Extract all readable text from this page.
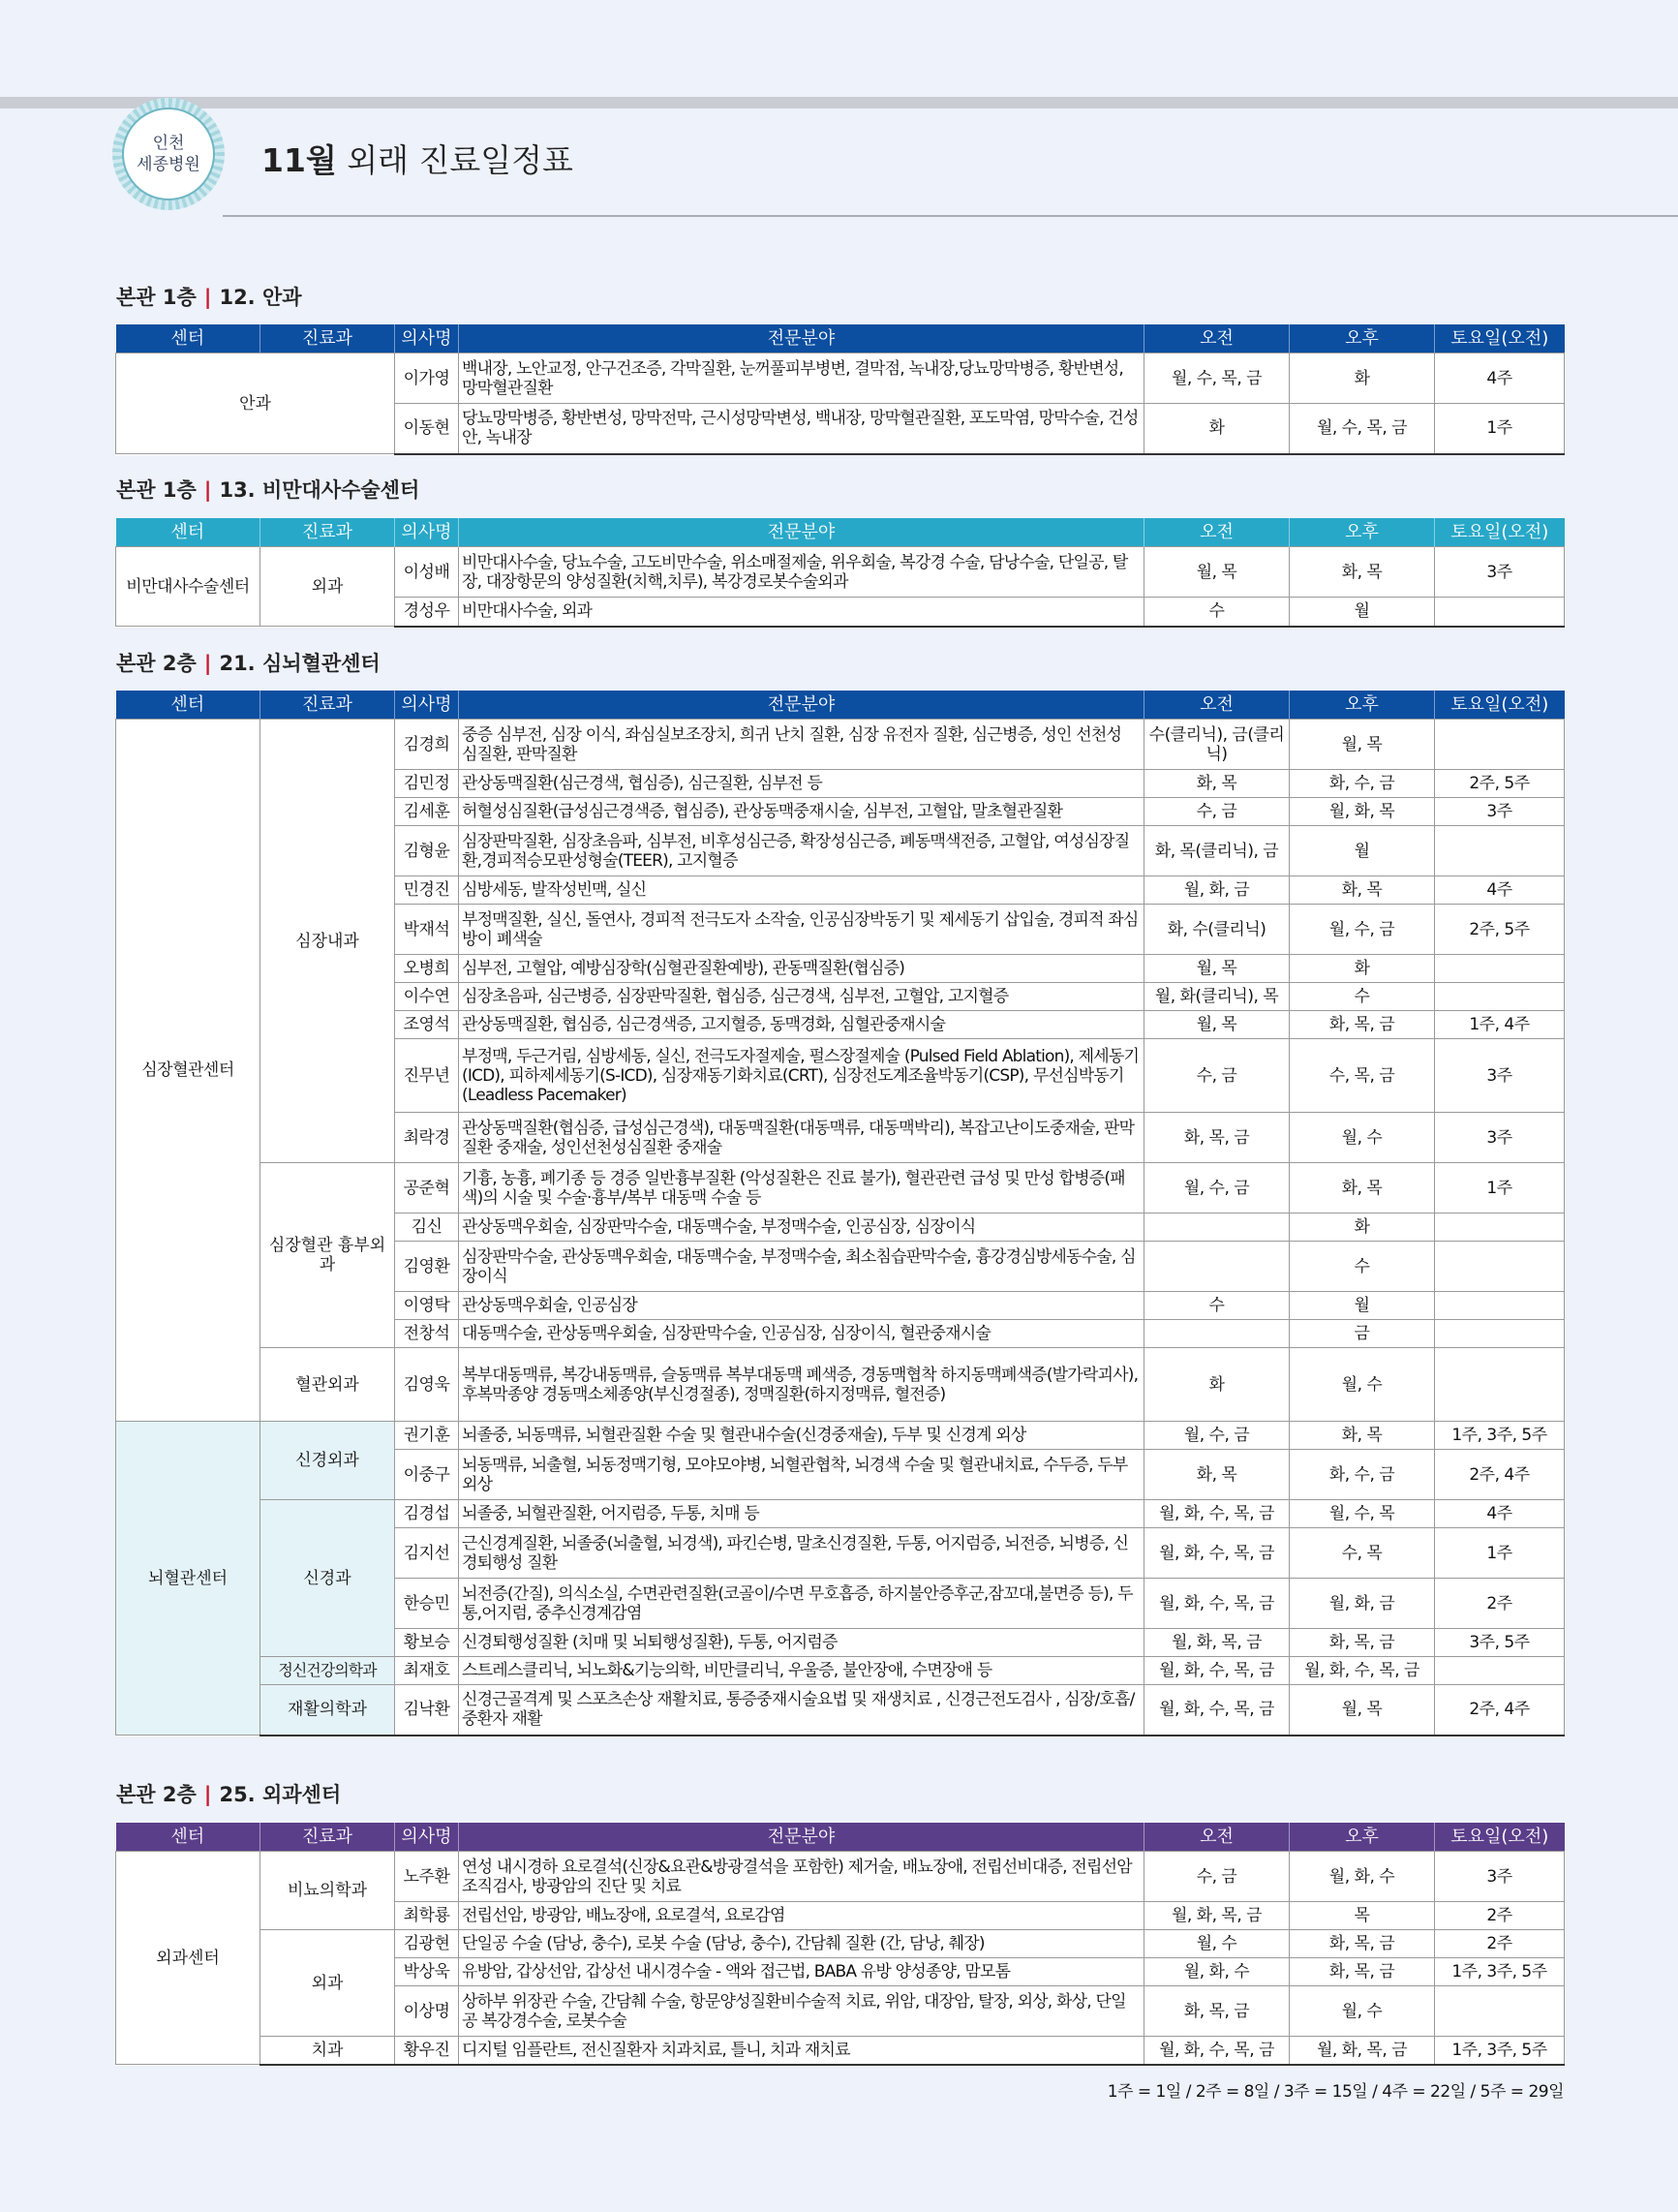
인천
세종병원 11월 외래 진료일정표
본관 1층 | 12. 안과
센터	진료과	의사명	전문분야	오전	오후	토요일(오전)
안과		이가영	백내장, 노안교정, 안구건조증, 각막질환, 눈꺼풀피부병변, 결막점, 녹내장,당뇨망막병증, 황반변성, 망막혈관질환	월, 수, 목, 금	화	4주
		이동현	당뇨망막병증, 황반변성, 망막전막, 근시성망막변성, 백내장, 망막혈관질환, 포도막염, 망막수술, 건성안, 녹내장	화	월, 수, 목, 금	1주
본관 1층 | 13. 비만대사수술센터
센터	진료과	의사명	전문분야	오전	오후	토요일(오전)
비만대사수술센터	외과	이성배	비만대사수술, 당뇨수술, 고도비만수술, 위소매절제술, 위우회술, 복강경 수술, 담낭수술, 단일공, 탈장, 대장항문의 양성질환(치핵,치루), 복강경로봇수술외과	월, 목	화, 목	3주
		경성우	비만대사수술, 외과	수	월	
본관 2층 | 21. 심뇌혈관센터
센터	진료과	의사명	전문분야	오전	오후	토요일(오전)
심장혈관센터	심장내과	김경희	중증 심부전, 심장 이식, 좌심실보조장치, 희귀 난치 질환, 심장 유전자 질환, 심근병증, 성인 선천성 심질환, 판막질환	수(클리닉), 금(클리닉)	월, 목	
		김민정	관상동맥질환(심근경색, 협심증), 심근질환, 심부전 등	화, 목	화, 수, 금	2주, 5주
		김세훈	허혈성심질환(급성심근경색증, 협심증), 관상동맥중재시술, 심부전, 고혈압, 말초혈관질환	수, 금	월, 화, 목	3주
		김형윤	심장판막질환, 심장초음파, 심부전, 비후성심근증, 확장성심근증, 폐동맥색전증, 고혈압, 여성심장질환,경피적승모판성형술(TEER), 고지혈증	화, 목(클리닉), 금	월	
		민경진	심방세동, 발작성빈맥, 실신	월, 화, 금	화, 목	4주
		박재석	부정맥질환, 실신, 돌연사, 경피적 전극도자 소작술, 인공심장박동기 및 제세동기 삽입술, 경피적 좌심방이 폐색술	화, 수(클리닉)	월, 수, 금	2주, 5주
		오병희	심부전, 고혈압, 예방심장학(심혈관질환예방), 관동맥질환(협심증)	월, 목	화	
		이수연	심장초음파, 심근병증, 심장판막질환, 협심증, 심근경색, 심부전, 고혈압, 고지혈증	월, 화(클리닉), 목	수	
		조영석	관상동맥질환, 협심증, 심근경색증, 고지혈증, 동맥경화, 심혈관중재시술	월, 목	화, 목, 금	1주, 4주
		진무년	부정맥, 두근거림, 심방세동, 실신, 전극도자절제술, 펄스장절제술 (Pulsed Field Ablation), 제세동기(ICD), 피하제세동기(S-ICD), 심장재동기화치료(CRT), 심장전도계조율박동기(CSP), 무선심박동기(Leadless Pacemaker)	수, 금	수, 목, 금	3주
		최락경	관상동맥질환(협심증, 급성심근경색), 대동맥질환(대동맥류, 대동맥박리), 복잡고난이도중재술, 판막질환 중재술, 성인선천성심질환 중재술	화, 목, 금	월, 수	3주
	심장혈관 흉부외과	공준혁	기흉, 농흉, 폐기종 등 경증 일반흉부질환 (악성질환은 진료 불가), 혈관관련 급성 및 만성 합병증(패색)의 시술 및 수술·흉부/복부 대동맥 수술 등	월, 수, 금	화, 목	1주
		김신	관상동맥우회술, 심장판막수술, 대동맥수술, 부정맥수술, 인공심장, 심장이식		화	
		김영환	심장판막수술, 관상동맥우회술, 대동맥수술, 부정맥수술, 최소침습판막수술, 흉강경심방세동수술, 심장이식		수	
		이영탁	관상동맥우회술, 인공심장	수	월	
		전창석	대동맥수술, 관상동맥우회술, 심장판막수술, 인공심장, 심장이식, 혈관중재시술		금	
	혈관외과	김영욱	복부대동맥류, 복강내동맥류, 슬동맥류 복부대동맥 폐색증, 경동맥협착 하지동맥폐색증(발가락괴사), 후복막종양 경동맥소체종양(부신경절종), 정맥질환(하지정맥류, 혈전증)	화	월, 수	
뇌혈관센터	신경외과	권기훈	뇌졸중, 뇌동맥류, 뇌혈관질환 수술 및 혈관내수술(신경중재술), 두부 및 신경계 외상	월, 수, 금	화, 목	1주, 3주, 5주
		이중구	뇌동맥류, 뇌출혈, 뇌동정맥기형, 모야모야병, 뇌혈관협착, 뇌경색 수술 및 혈관내치료, 수두증, 두부외상	화, 목	화, 수, 금	2주, 4주
	신경과	김경섭	뇌졸중, 뇌혈관질환, 어지럼증, 두통, 치매 등	월, 화, 수, 목, 금	월, 수, 목	4주
		김지선	근신경계질환, 뇌졸중(뇌출혈, 뇌경색), 파킨슨병, 말초신경질환, 두통, 어지럼증, 뇌전증, 뇌병증, 신경퇴행성 질환	월, 화, 수, 목, 금	수, 목	1주
		한승민	뇌전증(간질), 의식소실, 수면관련질환(코골이/수면 무호흡증, 하지불안증후군,잠꼬대,불면증 등), 두통,어지럼, 중추신경계감염	월, 화, 수, 목, 금	월, 화, 금	2주
		황보승	신경퇴행성질환 (치매 및 뇌퇴행성질환), 두통, 어지럼증	월, 화, 목, 금	화, 목, 금	3주, 5주
	정신건강의학과	최재호	스트레스클리닉, 뇌노화&기능의학, 비만클리닉, 우울증, 불안장애, 수면장애 등	월, 화, 수, 목, 금	월, 화, 수, 목, 금	
	재활의학과	김낙환	신경근골격계 및 스포츠손상 재활치료, 통증중재시술요법 및 재생치료 , 신경근전도검사 , 심장/호흡/중환자 재활	월, 화, 수, 목, 금	월, 목	2주, 4주
본관 2층 | 25. 외과센터
센터	진료과	의사명	전문분야	오전	오후	토요일(오전)
외과센터	비뇨의학과	노주환	연성 내시경하 요로결석(신장&요관&방광결석을 포함한) 제거술, 배뇨장애, 전립선비대증, 전립선암조직검사, 방광암의 진단 및 치료	수, 금	월, 화, 수	3주
		최학룡	전립선암, 방광암, 배뇨장애, 요로결석, 요로감염	월, 화, 목, 금	목	2주
	외과	김광현	단일공 수술 (담낭, 충수), 로봇 수술 (담낭, 충수), 간담췌 질환 (간, 담낭, 췌장)	월, 수	화, 목, 금	2주
		박상욱	유방암, 갑상선암, 갑상선 내시경수술 - 액와 접근법, BABA 유방 양성종양, 맘모톰	월, 화, 수	화, 목, 금	1주, 3주, 5주
		이상명	상하부 위장관 수술, 간담췌 수술, 항문양성질환비수술적 치료, 위암, 대장암, 탈장, 외상, 화상, 단일공 복강경수술, 로봇수술	화, 목, 금	월, 수	
	치과	황우진	디지털 임플란트, 전신질환자 치과치료, 틀니, 치과 재치료	월, 화, 수, 목, 금	월, 화, 목, 금	1주, 3주, 5주
1주 = 1일 / 2주 = 8일 / 3주 = 15일 / 4주 = 22일 / 5주 = 29일
